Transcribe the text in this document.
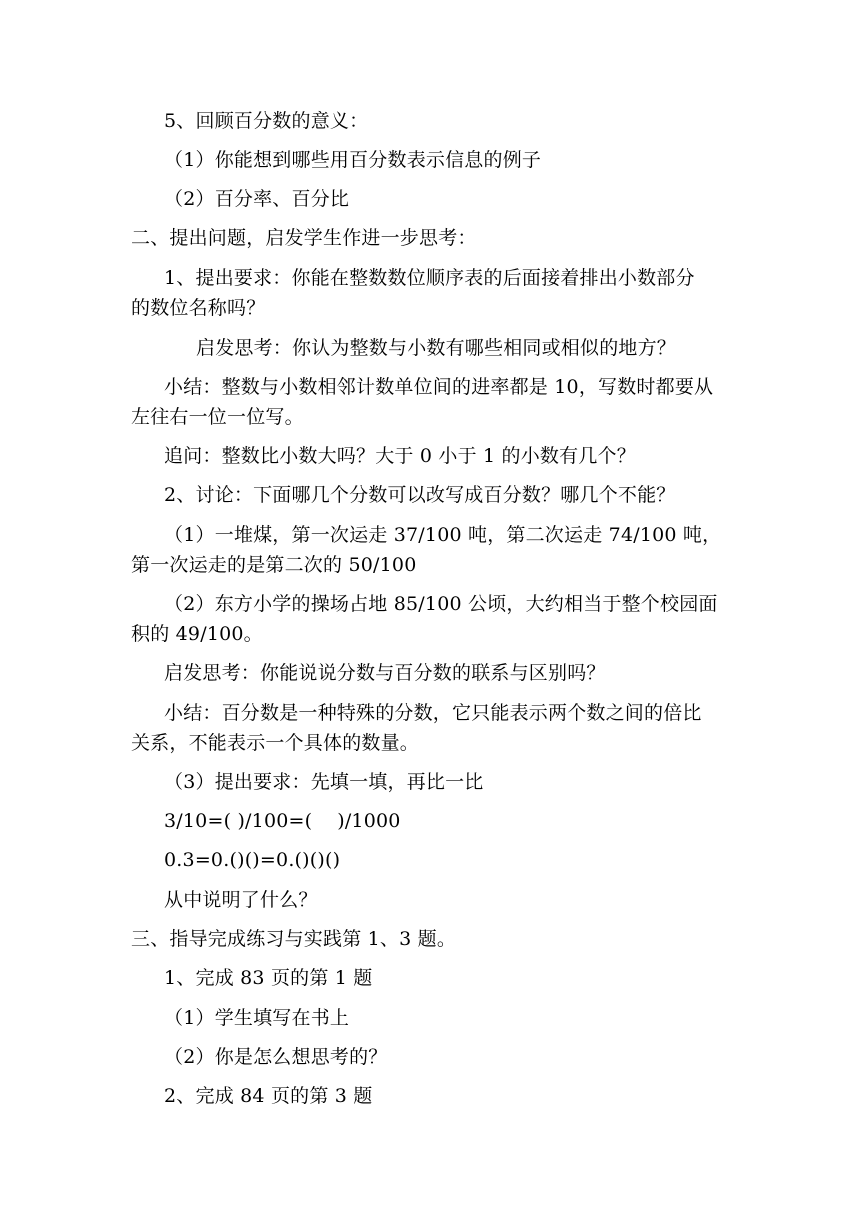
5、回顾百分数的意义：
（1）你能想到哪些用百分数表示信息的例子
（2）百分率、百分比
二、提出问题，启发学生作进一步思考：
1、提出要求：你能在整数数位顺序表的后面接着排出小数部分
的数位名称吗？
启发思考：你认为整数与小数有哪些相同或相似的地方？
小结：整数与小数相邻计数单位间的进率都是 10，写数时都要从
左往右一位一位写。
追问：整数比小数大吗？大于 0 小于 1 的小数有几个？
2、讨论：下面哪几个分数可以改写成百分数？哪几个不能？
（1）一堆煤，第一次运走 37/100 吨，第二次运走 74/100 吨，
第一次运走的是第二次的 50/100
（2）东方小学的操场占地 85/100 公顷，大约相当于整个校园面
积的 49/100。
启发思考：你能说说分数与百分数的联系与区别吗？
小结：百分数是一种特殊的分数，它只能表示两个数之间的倍比
关系，不能表示一个具体的数量。
（3）提出要求：先填一填，再比一比
3/10=( )/100=(    )/1000
0.3=0.()()=0.()()()
从中说明了什么？
三、指导完成练习与实践第 1、3 题。
1、完成 83 页的第 1 题
（1）学生填写在书上
（2）你是怎么想思考的？
2、完成 84 页的第 3 题
